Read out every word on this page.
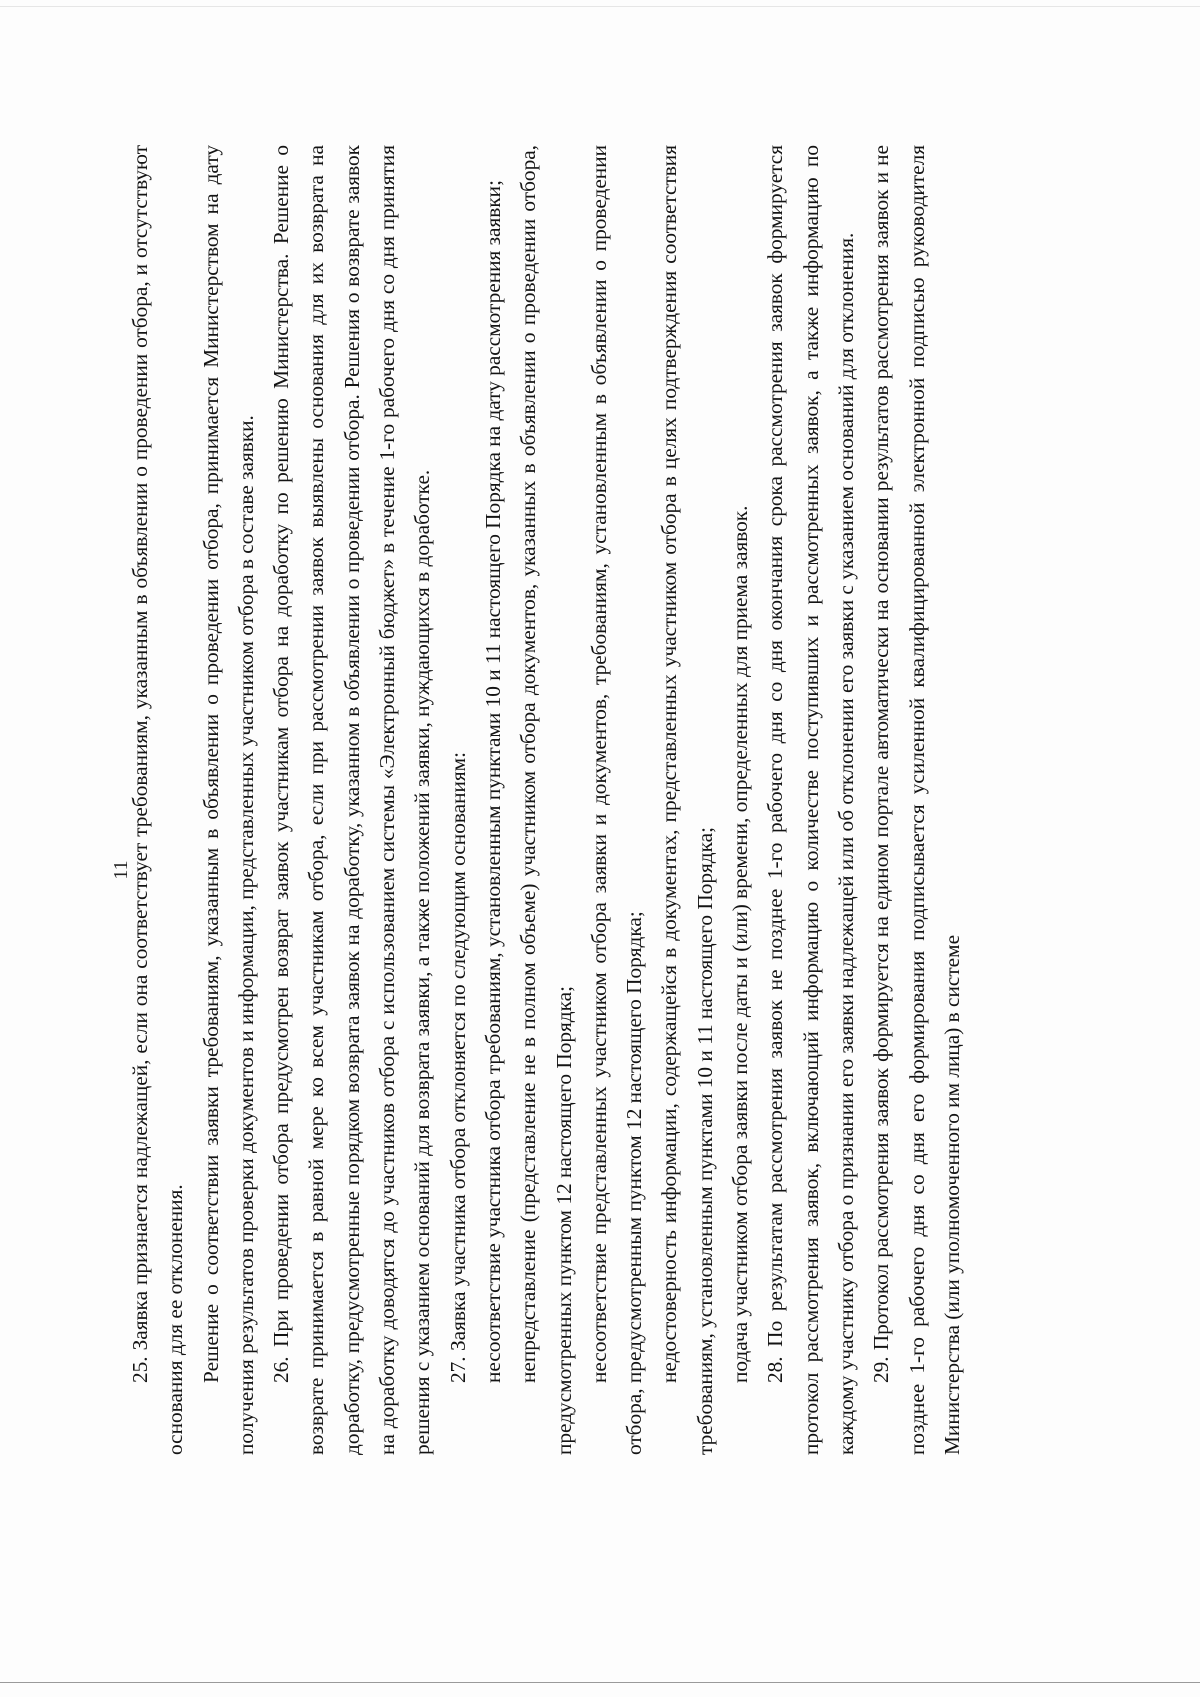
11

25. Заявка признается надлежащей, если она соответствует требованиям, указанным в объявлении о проведении отбора, и отсутствуют основания для ее отклонения. Решение о соответствии заявки требованиям, указанным в объявлении о проведении отбора, принимается Министерством на дату получения результатов проверки документов и информации, представленных участником отбора в составе заявки. 26. При проведении отбора предусмотрен возврат заявок участникам отбора на доработку по решению Министерства. Решение о возврате принимается в равной мере ко всем участникам отбора, если при рассмотрении заявок выявлены основания для их возврата на доработку, предусмотренные порядком возврата заявок на доработку, указанном в объявлении о проведении отбора. Решения о возврате заявок на доработку доводятся до участников отбора с использованием системы «Электронный бюджет» в течение 1-го рабочего дня со дня принятия решения с указанием оснований для возврата заявки, а также положений заявки, нуждающихся в доработке. 27. Заявка участника отбора отклоняется по следующим основаниям: несоответствие участника отбора требованиям, установленным пунктами 10 и 11 настоящего Порядка на дату рассмотрения заявки; непредставление (представление не в полном объеме) участником отбора документов, указанных в объявлении о проведении отбора, предусмотренных пунктом 12 настоящего Порядка; несоответствие представленных участником отбора заявки и документов, требованиям, установленным в объявлении о проведении отбора, предусмотренным пунктом 12 настоящего Порядка; недостоверность информации, содержащейся в документах, представленных участником отбора в целях подтверждения соответствия требованиям, установленным пунктами 10 и 11 настоящего Порядка; подача участником отбора заявки после даты и (или) времени, определенных для приема заявок. 28. По результатам рассмотрения заявок не позднее 1-го рабочего дня со дня окончания срока рассмотрения заявок формируется протокол рассмотрения заявок, включающий информацию о количестве поступивших и рассмотренных заявок, а также информацию по каждому участнику отбора о признании его заявки надлежащей или об отклонении его заявки с указанием оснований для отклонения. 29. Протокол рассмотрения заявок формируется на едином портале автоматически на основании результатов рассмотрения заявок и не позднее 1-го рабочего дня со дня его формирования подписывается усиленной квалифицированной электронной подписью руководителя Министерства (или уполномоченного им лица) в системе
